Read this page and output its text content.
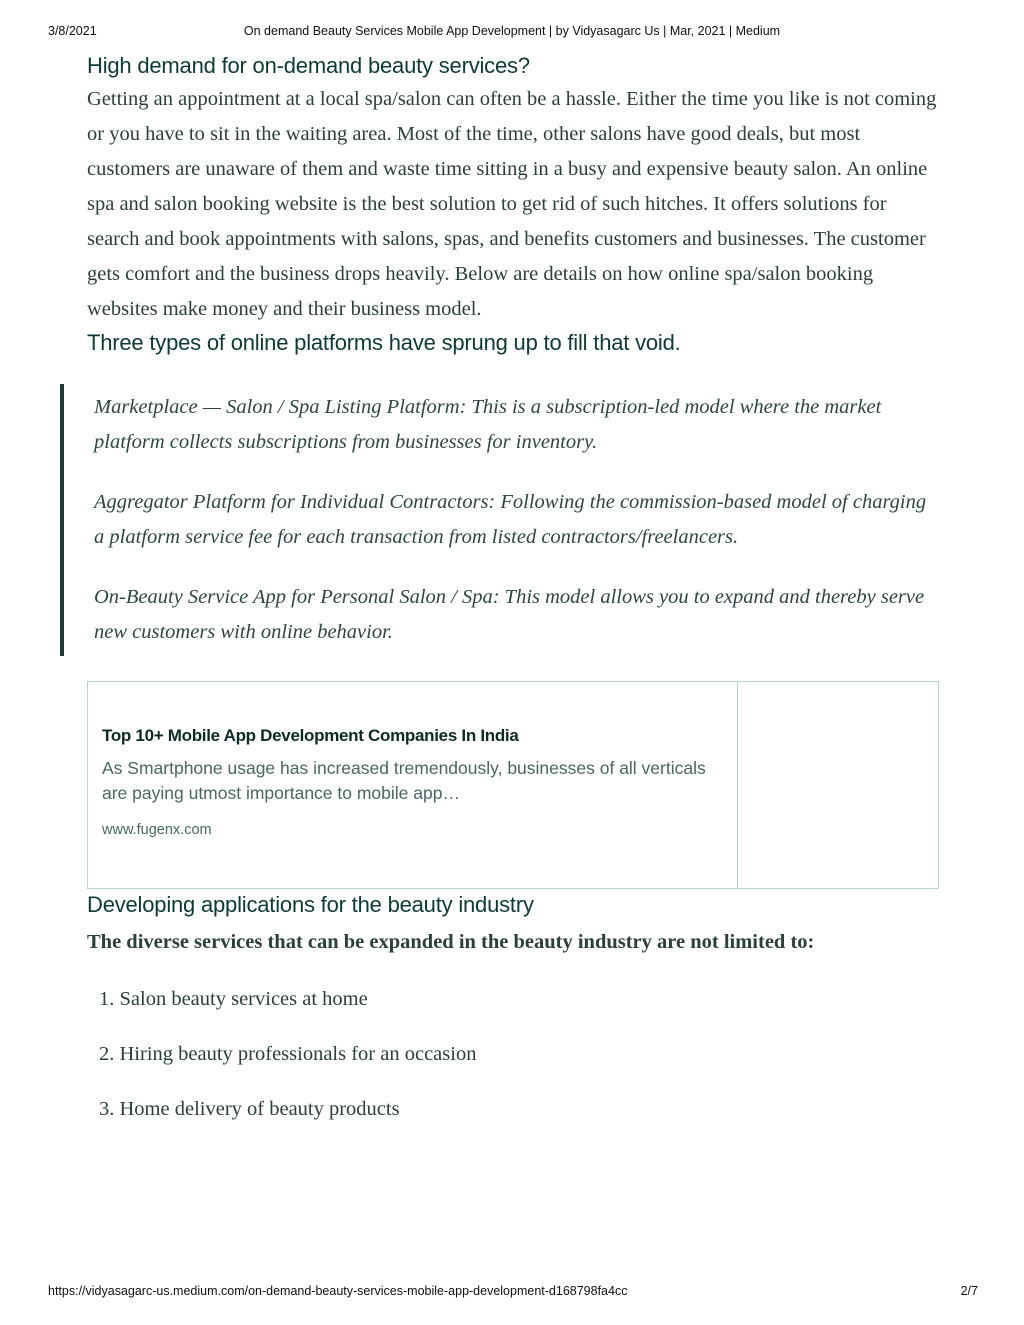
3/8/2021	On demand Beauty Services Mobile App Development | by Vidyasagarc Us | Mar, 2021 | Medium
High demand for on-demand beauty services?

Getting an appointment at a local spa/salon can often be a hassle. Either the time you like is not coming or you have to sit in the waiting area. Most of the time, other salons have good deals, but most customers are unaware of them and waste time sitting in a busy and expensive beauty salon. An online spa and salon booking website is the best solution to get rid of such hitches. It offers solutions for search and book appointments with salons, spas, and benefits customers and businesses. The customer gets comfort and the business drops heavily. Below are details on how online spa/salon booking websites make money and their business model.

Three types of online platforms have sprung up to fill that void.

Marketplace — Salon / Spa Listing Platform: This is a subscription-led model where the market platform collects subscriptions from businesses for inventory.

Aggregator Platform for Individual Contractors: Following the commission-based model of charging a platform service fee for each transaction from listed contractors/freelancers.

On-Beauty Service App for Personal Salon / Spa: This model allows you to expand and thereby serve new customers with online behavior.

Top 10+ Mobile App Development Companies In India
As Smartphone usage has increased tremendously, businesses of all verticals are paying utmost importance to mobile app…
www.fugenx.com
Developing applications for the beauty industry

The diverse services that can be expanded in the beauty industry are not limited to:

1. Salon beauty services at home
2. Hiring beauty professionals for an occasion
3. Home delivery of beauty products
https://vidyasagarc-us.medium.com/on-demand-beauty-services-mobile-app-development-d168798fa4cc	2/7
